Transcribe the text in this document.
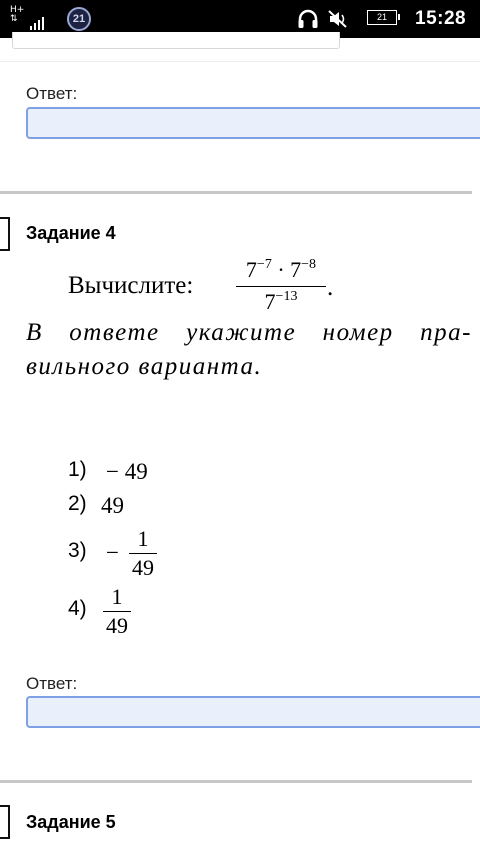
H+
⇅	21	21	15:28
Ответ:
Задание 4
Вычислите:
$7^{-7} \cdot 7^{-8}$
$7^{-13}$	.
В ответе укажите номер пра-вильного варианта.
1) − 49
2) 49
3) −
1
49
4)	1
49
Ответ:
Задание 5
